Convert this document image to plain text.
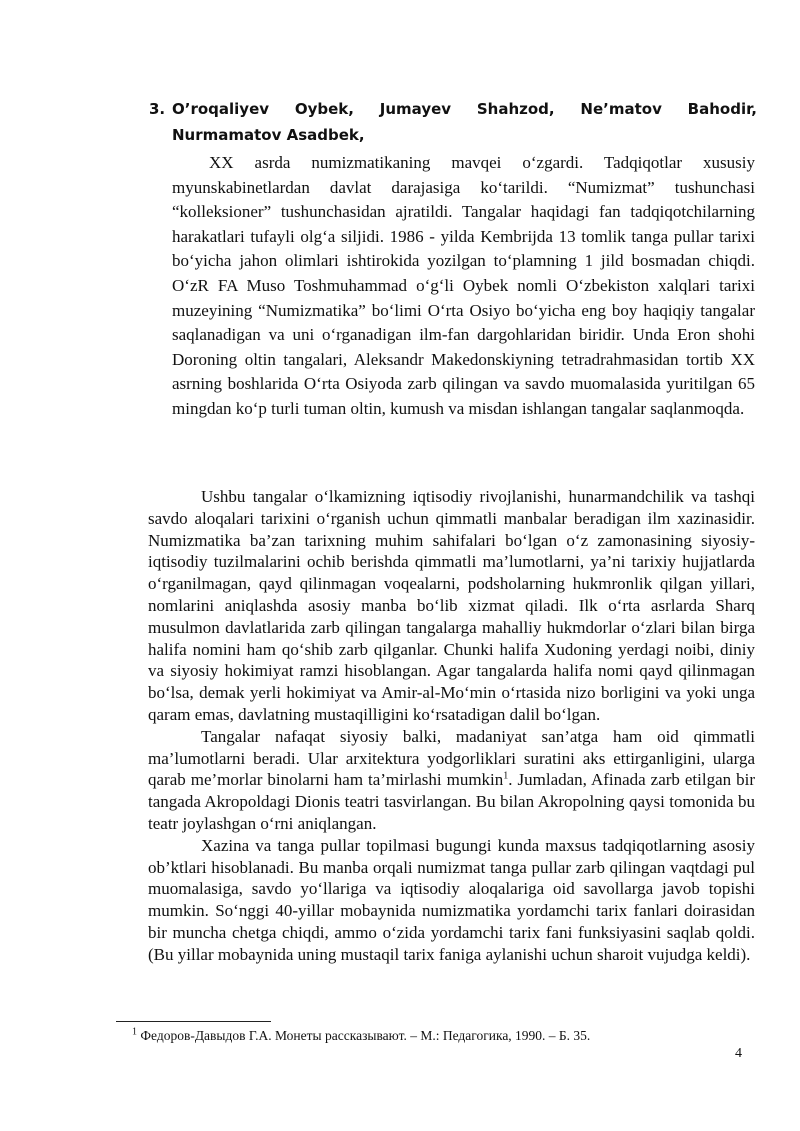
3. O’roqaliyev Oybek, Jumayev Shahzod, Ne’matov Bahodir, Nurmamatov Asadbek,

XX asrda numizmatikaning mavqei o‘zgardi. Tadqiqotlar xususiy myunskabinetlardan davlat darajasiga ko‘tarildi. “Numizmat” tushunchasi “kolleksioner” tushunchasidan ajratildi. Tangalar haqidagi fan tadqiqotchilarning harakatlari tufayli olg‘a siljidi. 1986 - yilda Kembrijda 13 tomlik tanga pullar tarixi bo‘yicha jahon olimlari ishtirokida yozilgan to‘plamning 1 jild bosmadan chiqdi. O‘zR FA Muso Toshmuhammad o‘g‘li Oybek nomli O‘zbekiston xalqlari tarixi muzeyining “Numizmatika” bo‘limi O‘rta Osiyo bo‘yicha eng boy haqiqiy tangalar saqlanadigan va uni o‘rganadigan ilm-fan dargohlaridan biridir. Unda Eron shohi Doroning oltin tangalari, Aleksandr Makedonskiyning tetradrahmasidan tortib XX asrning boshlarida O‘rta Osiyoda zarb qilingan va savdo muomalasida yuritilgan 65 mingdan ko‘p turli tuman oltin, kumush va misdan ishlangan tangalar saqlanmoqda.

Ushbu tangalar o‘lkamizning iqtisodiy rivojlanishi, hunarmandchilik va tashqi savdo aloqalari tarixini o‘rganish uchun qimmatli manbalar beradigan ilm xazinasidir. Numizmatika ba’zan tarixning muhim sahifalari bo‘lgan o‘z zamonasining siyosiy-iqtisodiy tuzilmalarini ochib berishda qimmatli ma’lumotlarni, ya’ni tarixiy hujjatlarda o‘rganilmagan, qayd qilinmagan voqealarni, podsholarning hukmronlik qilgan yillari, nomlarini aniqlashda asosiy manba bo‘lib xizmat qiladi. Ilk o‘rta asrlarda Sharq musulmon davlatlarida zarb qilingan tangalarga mahalliy hukmdorlar o‘zlari bilan birga halifa nomini ham qo‘shib zarb qilganlar. Chunki halifa Xudoning yerdagi noibi, diniy va siyosiy hokimiyat ramzi hisoblangan. Agar tangalarda halifa nomi qayd qilinmagan bo‘lsa, demak yerli hokimiyat va Amir-al-Mo‘min o‘rtasida nizo borligini va yoki unga qaram emas, davlatning mustaqilligini ko‘rsatadigan dalil bo‘lgan.

Tangalar nafaqat siyosiy balki, madaniyat san’atga ham oid qimmatli ma’lumotlarni beradi. Ular arxitektura yodgorliklari suratini aks ettirganligini, ularga qarab me’morlar binolarni ham ta’mirlashi mumkin$^1$. Jumladan, Afinada zarb etilgan bir tangada Akropoldagi Dionis teatri tasvirlangan. Bu bilan Akropolning qaysi tomonida bu teatr joylashgan o‘rni aniqlangan.

Xazina va tanga pullar topilmasi bugungi kunda maxsus tadqiqotlarning asosiy ob’ktlari hisoblanadi. Bu manba orqali numizmat tanga pullar zarb qilingan vaqtdagi pul muomalasiga, savdo yo‘llariga va iqtisodiy aloqalariga oid savollarga javob topishi mumkin. So‘nggi 40-yillar mobaynida numizmatika yordamchi tarix fanlari doirasidan bir muncha chetga chiqdi, ammo o‘zida yordamchi tarix fani funksiyasini saqlab qoldi. (Bu yillar mobaynida uning mustaqil tarix faniga aylanishi uchun sharoit vujudga keldi).

$^1$ Федоров-Давыдов Г.А. Монеты рассказывают. – М.: Педагогика, 1990. – Б. 35.

4
